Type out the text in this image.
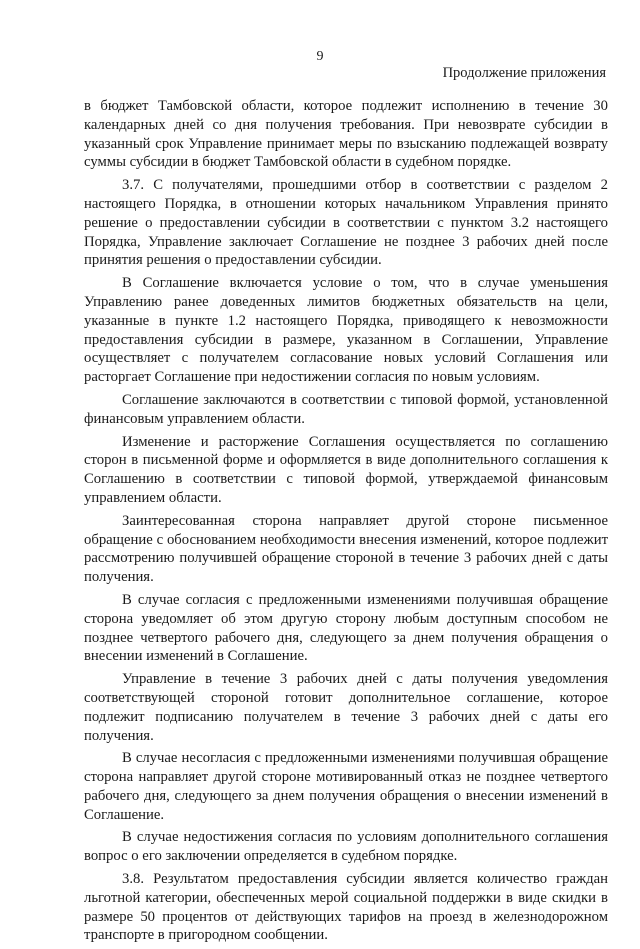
9
Продолжение приложения

в бюджет Тамбовской области, которое подлежит исполнению в течение 30 календарных дней со дня получения требования. При невозврате субсидии в указанный срок Управление принимает меры по взысканию подлежащей возврату суммы субсидии в бюджет Тамбовской области в судебном порядке.

3.7. С получателями, прошедшими отбор в соответствии с разделом 2 настоящего Порядка, в отношении которых начальником Управления принято решение о предоставлении субсидии в соответствии с пунктом 3.2 настоящего Порядка, Управление заключает Соглашение не позднее 3 рабочих дней после принятия решения о предоставлении субсидии.

В Соглашение включается условие о том, что в случае уменьшения Управлению ранее доведенных лимитов бюджетных обязательств на цели, указанные в пункте 1.2 настоящего Порядка, приводящего к невозможности предоставления субсидии в размере, указанном в Соглашении, Управление осуществляет с получателем согласование новых условий Соглашения или расторгает Соглашение при недостижении согласия по новым условиям.

Соглашение заключаются в соответствии с типовой формой, установленной финансовым управлением области.

Изменение и расторжение Соглашения осуществляется по соглашению сторон в письменной форме и оформляется в виде дополнительного соглашения к Соглашению в соответствии с типовой формой, утверждаемой финансовым управлением области.

Заинтересованная сторона направляет другой стороне письменное обращение с обоснованием необходимости внесения изменений, которое подлежит рассмотрению получившей обращение стороной в течение 3 рабочих дней с даты получения.

В случае согласия с предложенными изменениями получившая обращение сторона уведомляет об этом другую сторону любым доступным способом не позднее четвертого рабочего дня, следующего за днем получения обращения о внесении изменений в Соглашение.

Управление в течение 3 рабочих дней с даты получения уведомления соответствующей стороной готовит дополнительное соглашение, которое подлежит подписанию получателем в течение 3 рабочих дней с даты его получения.

В случае несогласия с предложенными изменениями получившая обращение сторона направляет другой стороне мотивированный отказ не позднее четвертого рабочего дня, следующего за днем получения обращения о внесении изменений в Соглашение.

В случае недостижения согласия по условиям дополнительного соглашения вопрос о его заключении определяется в судебном порядке.

3.8. Результатом предоставления субсидии является количество граждан льготной категории, обеспеченных мерой социальной поддержки в виде скидки в размере 50 процентов от действующих тарифов на проезд в железнодорожном транспорте в пригородном сообщении.
